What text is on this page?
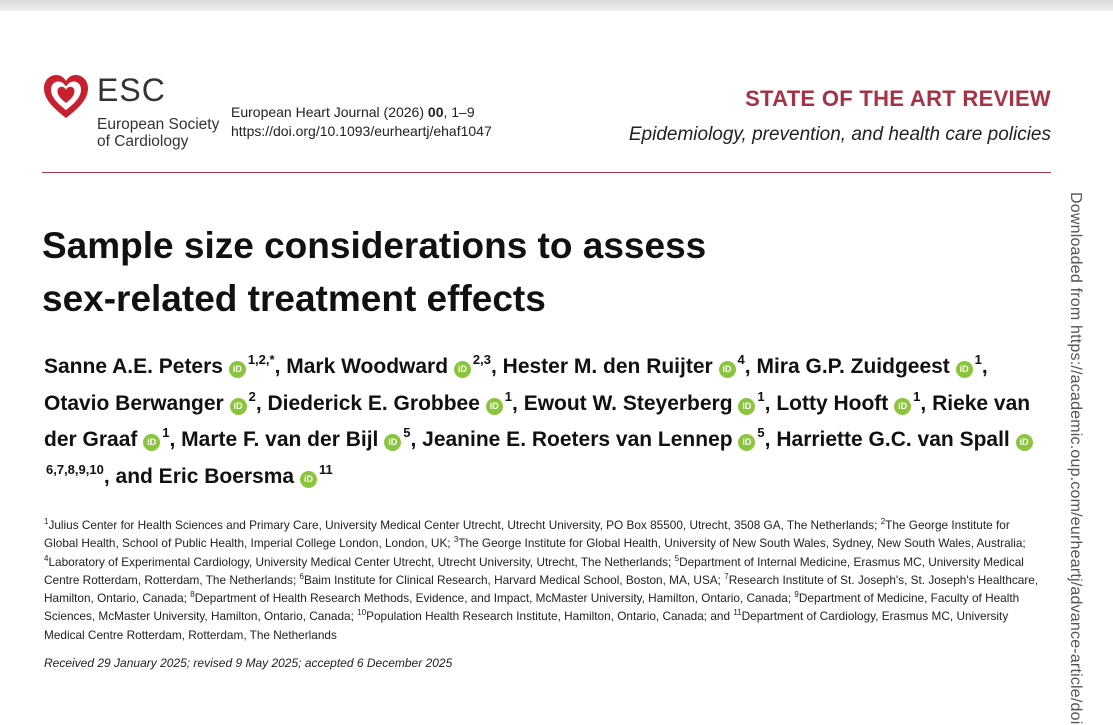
ESC
European Society
of Cardiology
European Heart Journal (2026) 00, 1–9
https://doi.org/10.1093/eurheartj/ehaf1047
STATE OF THE ART REVIEW
Epidemiology, prevention, and health care policies
Sample size considerations to assess
sex-related treatment effects
Sanne A.E. Peters iD$^{1,2,*}$, Mark Woodward iD$^{2,3}$, Hester M. den Ruijter iD$^4$, Mira G.P. Zuidgeest iD$^1$, Otavio Berwanger iD$^2$, Diederick E. Grobbee iD$^1$, Ewout W. Steyerberg iD$^1$, Lotty Hooft iD$^1$, Rieke van der Graaf iD$^1$, Marte F. van der Bijl iD$^5$, Jeanine E. Roeters van Lennep iD$^5$, Harriette G.C. van Spall iD$^{6,7,8,9,10}$, and Eric Boersma iD$^{11}$
$^1$Julius Center for Health Sciences and Primary Care, University Medical Center Utrecht, Utrecht University, PO Box 85500, Utrecht, 3508 GA, The Netherlands; $^2$The George Institute for Global Health, School of Public Health, Imperial College London, London, UK; $^3$The George Institute for Global Health, University of New South Wales, Sydney, New South Wales, Australia; $^4$Laboratory of Experimental Cardiology, University Medical Center Utrecht, Utrecht University, Utrecht, The Netherlands; $^5$Department of Internal Medicine, Erasmus MC, University Medical Centre Rotterdam, Rotterdam, The Netherlands; $^6$Baim Institute for Clinical Research, Harvard Medical School, Boston, MA, USA; $^7$Research Institute of St. Joseph's, St. Joseph's Healthcare, Hamilton, Ontario, Canada; $^8$Department of Health Research Methods, Evidence, and Impact, McMaster University, Hamilton, Ontario, Canada; $^9$Department of Medicine, Faculty of Health Sciences, McMaster University, Hamilton, Ontario, Canada; $^{10}$Population Health Research Institute, Hamilton, Ontario, Canada; and $^{11}$Department of Cardiology, Erasmus MC, University Medical Centre Rotterdam, Rotterdam, The Netherlands
Received 29 January 2025; revised 9 May 2025; accepted 6 December 2025	Downloaded from https://academic.oup.com/eurheartj/advance-article/doi
